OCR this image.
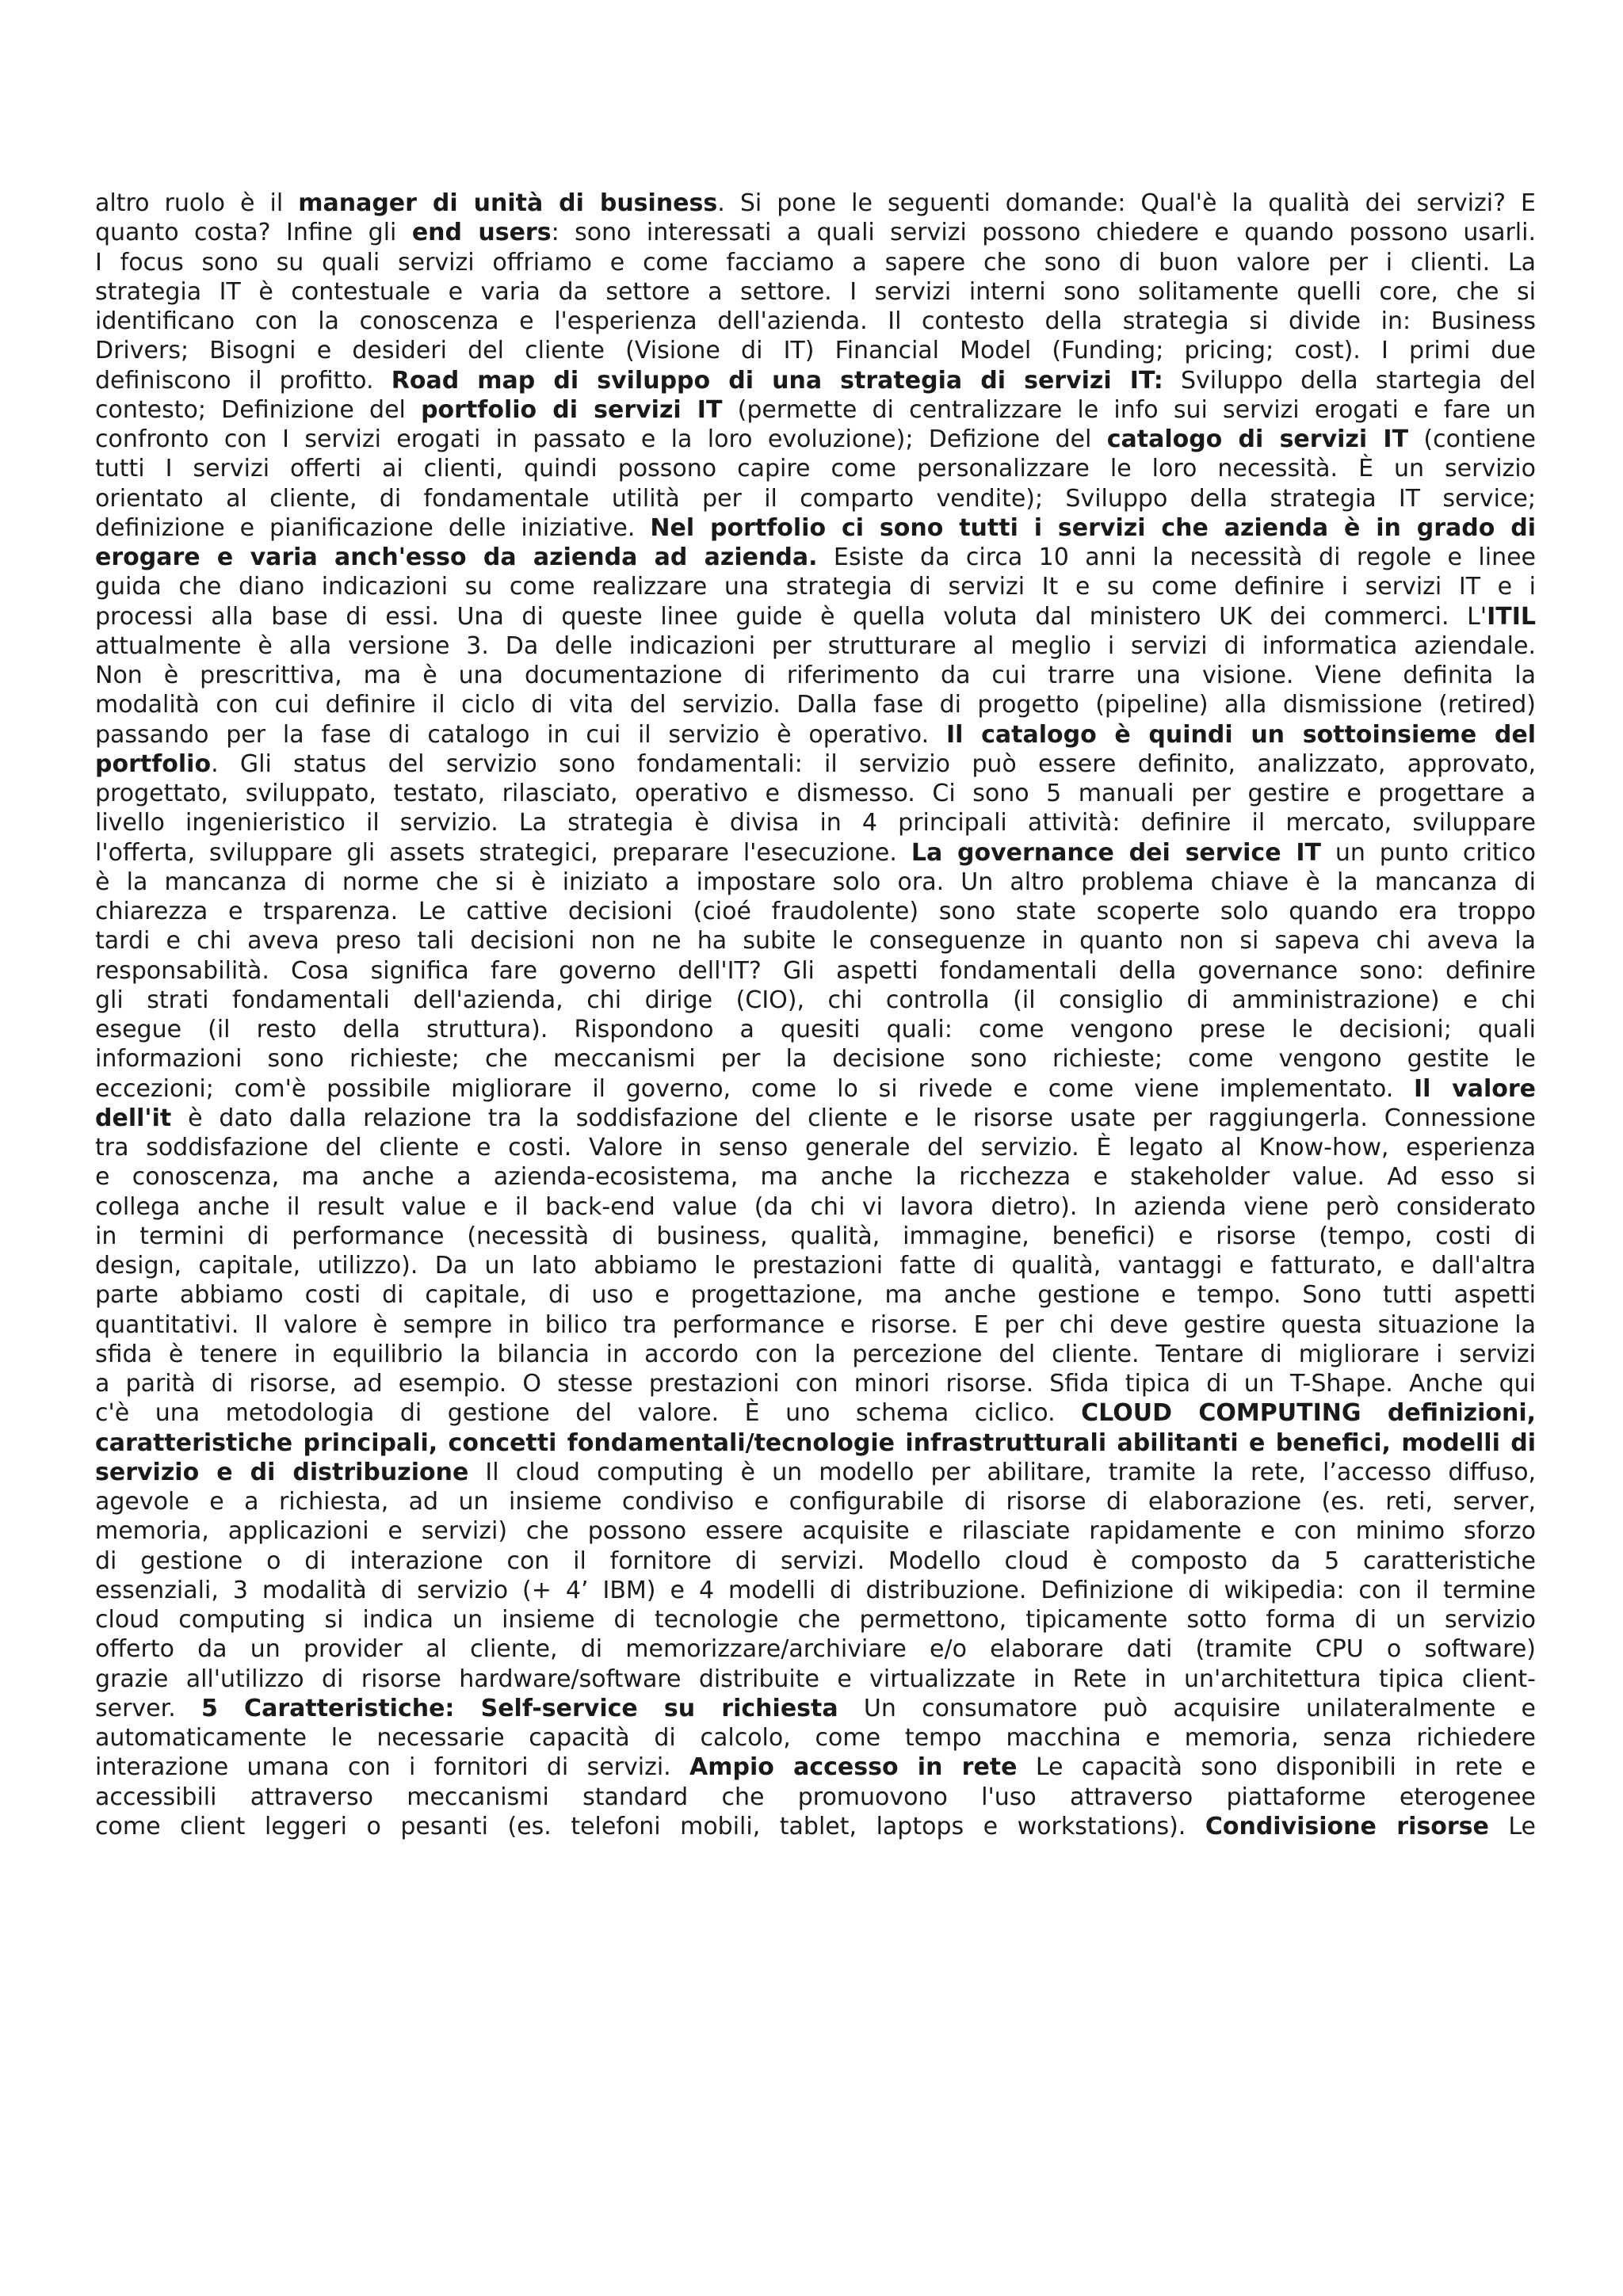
altro ruolo è il manager di unità di business. Si pone le seguenti domande: Qual'è la qualità dei servizi? E
quanto costa? Infine gli end users: sono interessati a quali servizi possono chiedere e quando possono usarli.
I focus sono su quali servizi offriamo e come facciamo a sapere che sono di buon valore per i clienti. La
strategia IT è contestuale e varia da settore a settore. I servizi interni sono solitamente quelli core, che si
identificano con la conoscenza e l'esperienza dell'azienda. Il contesto della strategia si divide in: Business
Drivers; Bisogni e desideri del cliente (Visione di IT) Financial Model (Funding; pricing; cost). I primi due
definiscono il profitto. Road map di sviluppo di una strategia di servizi IT: Sviluppo della startegia del
contesto; Definizione del portfolio di servizi IT (permette di centralizzare le info sui servizi erogati e fare un
confronto con I servizi erogati in passato e la loro evoluzione); Defizione del catalogo di servizi IT (contiene
tutti I servizi offerti ai clienti, quindi possono capire come personalizzare le loro necessità. È un servizio
orientato al cliente, di fondamentale utilità per il comparto vendite); Sviluppo della strategia IT service;
definizione e pianificazione delle iniziative. Nel portfolio ci sono tutti i servizi che azienda è in grado di
erogare e varia anch'esso da azienda ad azienda. Esiste da circa 10 anni la necessità di regole e linee
guida che diano indicazioni su come realizzare una strategia di servizi It e su come definire i servizi IT e i
processi alla base di essi. Una di queste linee guide è quella voluta dal ministero UK dei commerci. L'ITIL
attualmente è alla versione 3. Da delle indicazioni per strutturare al meglio i servizi di informatica aziendale.
Non è prescrittiva, ma è una documentazione di riferimento da cui trarre una visione. Viene definita la
modalità con cui definire il ciclo di vita del servizio. Dalla fase di progetto (pipeline) alla dismissione (retired)
passando per la fase di catalogo in cui il servizio è operativo. Il catalogo è quindi un sottoinsieme del
portfolio. Gli status del servizio sono fondamentali: il servizio può essere definito, analizzato, approvato,
progettato, sviluppato, testato, rilasciato, operativo e dismesso. Ci sono 5 manuali per gestire e progettare a
livello ingenieristico il servizio. La strategia è divisa in 4 principali attività: definire il mercato, sviluppare
l'offerta, sviluppare gli assets strategici, preparare l'esecuzione. La governance dei service IT un punto critico
è la mancanza di norme che si è iniziato a impostare solo ora. Un altro problema chiave è la mancanza di
chiarezza e trsparenza. Le cattive decisioni (cioé fraudolente) sono state scoperte solo quando era troppo
tardi e chi aveva preso tali decisioni non ne ha subite le conseguenze in quanto non si sapeva chi aveva la
responsabilità. Cosa significa fare governo dell'IT? Gli aspetti fondamentali della governance sono: definire
gli strati fondamentali dell'azienda, chi dirige (CIO), chi controlla (il consiglio di amministrazione) e chi
esegue (il resto della struttura). Rispondono a quesiti quali: come vengono prese le decisioni; quali
informazioni sono richieste; che meccanismi per la decisione sono richieste; come vengono gestite le
eccezioni; com'è possibile migliorare il governo, come lo si rivede e come viene implementato. Il valore
dell'it è dato dalla relazione tra la soddisfazione del cliente e le risorse usate per raggiungerla. Connessione
tra soddisfazione del cliente e costi. Valore in senso generale del servizio. È legato al Know-how, esperienza
e conoscenza, ma anche a azienda-ecosistema, ma anche la ricchezza e stakeholder value. Ad esso si
collega anche il result value e il back-end value (da chi vi lavora dietro). In azienda viene però considerato
in termini di performance (necessità di business, qualità, immagine, benefici) e risorse (tempo, costi di
design, capitale, utilizzo). Da un lato abbiamo le prestazioni fatte di qualità, vantaggi e fatturato, e dall'altra
parte abbiamo costi di capitale, di uso e progettazione, ma anche gestione e tempo. Sono tutti aspetti
quantitativi. Il valore è sempre in bilico tra performance e risorse. E per chi deve gestire questa situazione la
sfida è tenere in equilibrio la bilancia in accordo con la percezione del cliente. Tentare di migliorare i servizi
a parità di risorse, ad esempio. O stesse prestazioni con minori risorse. Sfida tipica di un T-Shape. Anche qui
c'è una metodologia di gestione del valore. È uno schema ciclico. CLOUD COMPUTING definizioni,
caratteristiche principali, concetti fondamentali/tecnologie infrastrutturali abilitanti e benefici, modelli di
servizio e di distribuzione Il cloud computing è un modello per abilitare, tramite la rete, l’accesso diffuso,
agevole e a richiesta, ad un insieme condiviso e configurabile di risorse di elaborazione (es. reti, server,
memoria, applicazioni e servizi) che possono essere acquisite e rilasciate rapidamente e con minimo sforzo
di gestione o di interazione con il fornitore di servizi. Modello cloud è composto da 5 caratteristiche
essenziali, 3 modalità di servizio (+ 4’ IBM) e 4 modelli di distribuzione. Definizione di wikipedia: con il termine
cloud computing si indica un insieme di tecnologie che permettono, tipicamente sotto forma di un servizio
offerto da un provider al cliente, di memorizzare/archiviare e/o elaborare dati (tramite CPU o software)
grazie all'utilizzo di risorse hardware/software distribuite e virtualizzate in Rete in un'architettura tipica client-
server. 5 Caratteristiche: Self-service su richiesta Un consumatore può acquisire unilateralmente e
automaticamente le necessarie capacità di calcolo, come tempo macchina e memoria, senza richiedere
interazione umana con i fornitori di servizi. Ampio accesso in rete Le capacità sono disponibili in rete e
accessibili attraverso meccanismi standard che promuovono l'uso attraverso piattaforme eterogenee
come client leggeri o pesanti (es. telefoni mobili, tablet, laptops e workstations). Condivisione risorse Le
